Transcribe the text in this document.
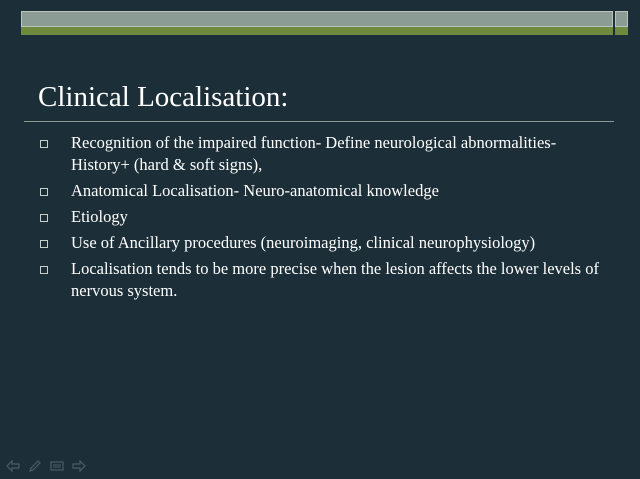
Clinical Localisation:
Recognition of the impaired function- Define neurological abnormalities- History+ (hard & soft signs),
Anatomical Localisation- Neuro-anatomical knowledge
Etiology
Use of Ancillary procedures (neuroimaging, clinical neurophysiology)
Localisation tends to be more precise when the lesion affects the lower levels of nervous system.
